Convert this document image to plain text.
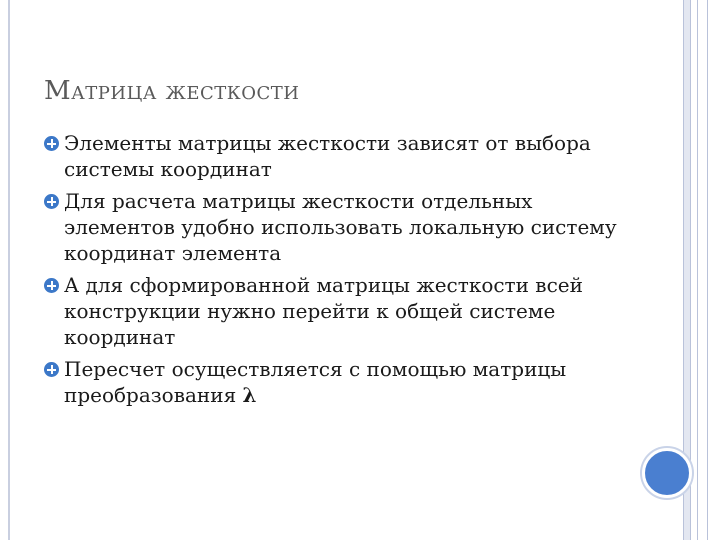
Матрица жесткости
Элементы матрицы жесткости зависят от выбора системы координат
Для расчета матрицы жесткости отдельных элементов удобно использовать локальную систему координат элемента
А для сформированной матрицы жесткости всей конструкции нужно перейти к общей системе координат
Пересчет осуществляется с помощью матрицы преобразования λ
